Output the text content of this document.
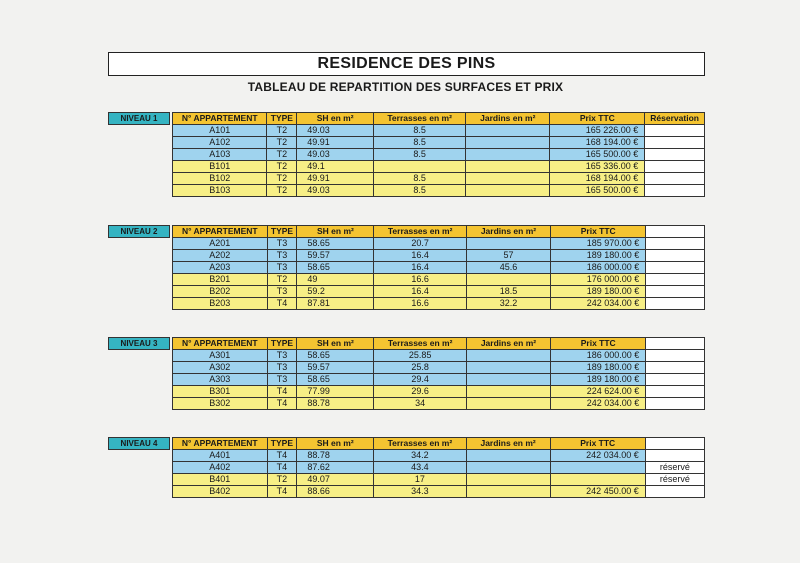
RESIDENCE DES PINS
TABLEAU DE REPARTITION DES SURFACES ET PRIX
NIVEAU 1	N° APPARTEMENT	TYPE	SH en m²	Terrasses en m²	Jardins en m²	Prix TTC	Réservation
A101	T2	49.03	8.5		165 226.00 €	
A102	T2	49.91	8.5		168 194.00 €	
A103	T2	49.03	8.5		165 500.00 €	
B101	T2	49.1			165 336.00 €	
B102	T2	49.91	8.5		168 194.00 €	
B103	T2	49.03	8.5		165 500.00 €	
NIVEAU 2	N° APPARTEMENT	TYPE	SH en m²	Terrasses en m²	Jardins en m²	Prix TTC	
A201	T3	58.65	20.7		185 970.00 €	
A202	T3	59.57	16.4	57	189 180.00 €	
A203	T3	58.65	16.4	45.6	186 000.00 €	
B201	T2	49	16.6		176 000.00 €	
B202	T3	59.2	16.4	18.5	189 180.00 €	
B203	T4	87.81	16.6	32.2	242 034.00 €	
NIVEAU 3	N° APPARTEMENT	TYPE	SH en m²	Terrasses en m²	Jardins en m²	Prix TTC	
A301	T3	58.65	25.85		186 000.00 €	
A302	T3	59.57	25.8		189 180.00 €	
A303	T3	58.65	29.4		189 180.00 €	
B301	T4	77.99	29.6		224 624.00 €	
B302	T4	88.78	34		242 034.00 €	
NIVEAU 4	N° APPARTEMENT	TYPE	SH en m²	Terrasses en m²	Jardins en m²	Prix TTC	
A401	T4	88.78	34.2		242 034.00 €	
A402	T4	87.62	43.4			réservé
B401	T2	49.07	17			réservé
B402	T4	88.66	34.3		242 450.00 €	
